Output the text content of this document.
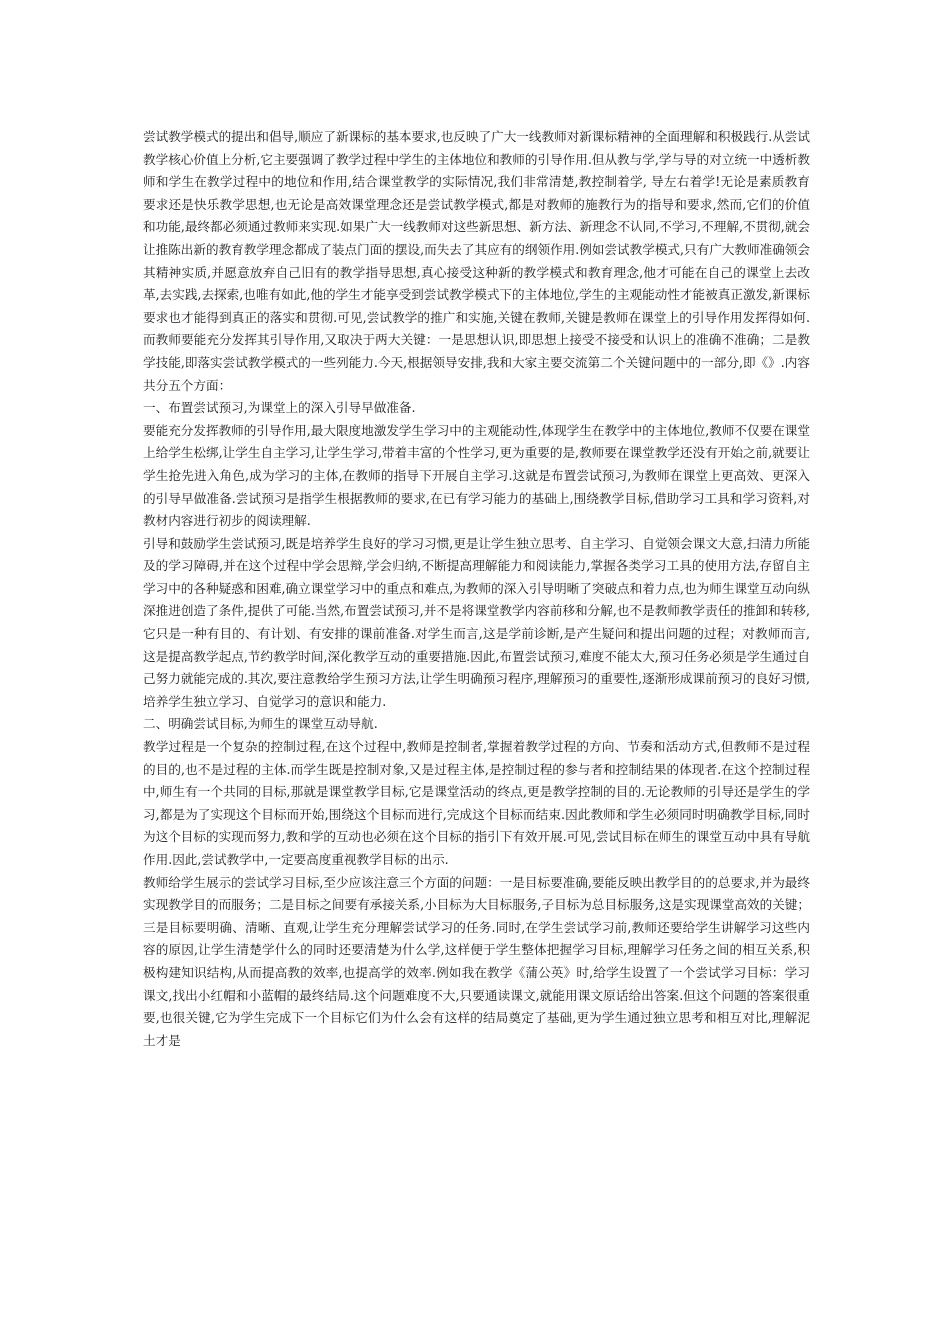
尝试教学模式的提出和倡导,顺应了新课标的基本要求,也反映了广大一线教师对新课标精神的全面理解和积极践行.从尝试教学核心价值上分析,它主要强调了教学过程中学生的主体地位和教师的引导作用.但从教与学,学与导的对立统一中透析教师和学生在教学过程中的地位和作用,结合课堂教学的实际情况,我们非常清楚,教控制着学, 导左右着学!无论是素质教育要求还是快乐教学思想,也无论是高效课堂理念还是尝试教学模式,都是对教师的施教行为的指导和要求,然而,它们的价值和功能,最终都必须通过教师来实现.如果广大一线教师对这些新思想、新方法、新理念不认同,不学习,不理解,不贯彻,就会让推陈出新的教育教学理念都成了装点门面的摆设,而失去了其应有的纲领作用.例如尝试教学模式,只有广大教师准确领会其精神实质,并愿意放弃自己旧有的教学指导思想,真心接受这种新的教学模式和教育理念,他才可能在自己的课堂上去改革,去实践,去探索,也唯有如此,他的学生才能享受到尝试教学模式下的主体地位,学生的主观能动性才能被真正激发,新课标要求也才能得到真正的落实和贯彻.可见,尝试教学的推广和实施,关键在教师,关键是教师在课堂上的引导作用发挥得如何.而教师要能充分发挥其引导作用,又取决于两大关键：一是思想认识,即思想上接受不接受和认识上的准确不准确；二是教学技能,即落实尝试教学模式的一些列能力.今天,根据领导安排,我和大家主要交流第二个关键问题中的一部分,即《》.内容共分五个方面：

一、布置尝试预习,为课堂上的深入引导早做准备.

要能充分发挥教师的引导作用,最大限度地激发学生学习中的主观能动性,体现学生在教学中的主体地位,教师不仅要在课堂上给学生松绑,让学生自主学习,让学生学习,带着丰富的个性学习,更为重要的是,教师要在课堂教学还没有开始之前,就要让学生抢先进入角色,成为学习的主体,在教师的指导下开展自主学习.这就是布置尝试预习,为教师在课堂上更高效、更深入的引导早做准备.尝试预习是指学生根据教师的要求,在已有学习能力的基础上,围绕教学目标,借助学习工具和学习资料,对教材内容进行初步的阅读理解.

引导和鼓励学生尝试预习,既是培养学生良好的学习习惯,更是让学生独立思考、自主学习、自觉领会课文大意,扫清力所能及的学习障碍,并在这个过程中学会思辩,学会归纳,不断提高理解能力和阅读能力,掌握各类学习工具的使用方法,存留自主学习中的各种疑惑和困难,确立课堂学习中的重点和难点,为教师的深入引导明晰了突破点和着力点,也为师生课堂互动向纵深推进创造了条件,提供了可能.当然,布置尝试预习,并不是将课堂教学内容前移和分解,也不是教师教学责任的推卸和转移,它只是一种有目的、有计划、有安排的课前准备.对学生而言,这是学前诊断,是产生疑问和提出问题的过程；对教师而言,这是提高教学起点,节约教学时间,深化教学互动的重要措施.因此,布置尝试预习,难度不能太大,预习任务必须是学生通过自己努力就能完成的.其次,要注意教给学生预习方法,让学生明确预习程序,理解预习的重要性,逐渐形成课前预习的良好习惯,培养学生独立学习、自觉学习的意识和能力.

二、明确尝试目标,为师生的课堂互动导航.

教学过程是一个复杂的控制过程,在这个过程中,教师是控制者,掌握着教学过程的方向、节奏和活动方式,但教师不是过程的目的,也不是过程的主体.而学生既是控制对象,又是过程主体,是控制过程的参与者和控制结果的体现者.在这个控制过程中,师生有一个共同的目标,那就是课堂教学目标,它是课堂活动的终点,更是教学控制的目的.无论教师的引导还是学生的学习,都是为了实现这个目标而开始,围绕这个目标而进行,完成这个目标而结束.因此教师和学生必须同时明确教学目标,同时为这个目标的实现而努力,教和学的互动也必须在这个目标的指引下有效开展.可见,尝试目标在师生的课堂互动中具有导航作用.因此,尝试教学中,一定要高度重视教学目标的出示.

教师给学生展示的尝试学习目标,至少应该注意三个方面的问题：一是目标要准确,要能反映出教学目的的总要求,并为最终实现教学目的而服务；二是目标之间要有承接关系,小目标为大目标服务,子目标为总目标服务,这是实现课堂高效的关键；三是目标要明确、清晰、直观,让学生充分理解尝试学习的任务.同时,在学生尝试学习前,教师还要给学生讲解学习这些内容的原因,让学生清楚学什么的同时还要清楚为什么学,这样便于学生整体把握学习目标,理解学习任务之间的相互关系,积极构建知识结构,从而提高教的效率,也提高学的效率.例如我在教学《蒲公英》时,给学生设置了一个尝试学习目标：学习课文,找出小红帽和小蓝帽的最终结局.这个问题难度不大,只要通读课文,就能用课文原话给出答案.但这个问题的答案很重要,也很关键,它为学生完成下一个目标它们为什么会有这样的结局奠定了基础,更为学生通过独立思考和相互对比,理解泥土才是
